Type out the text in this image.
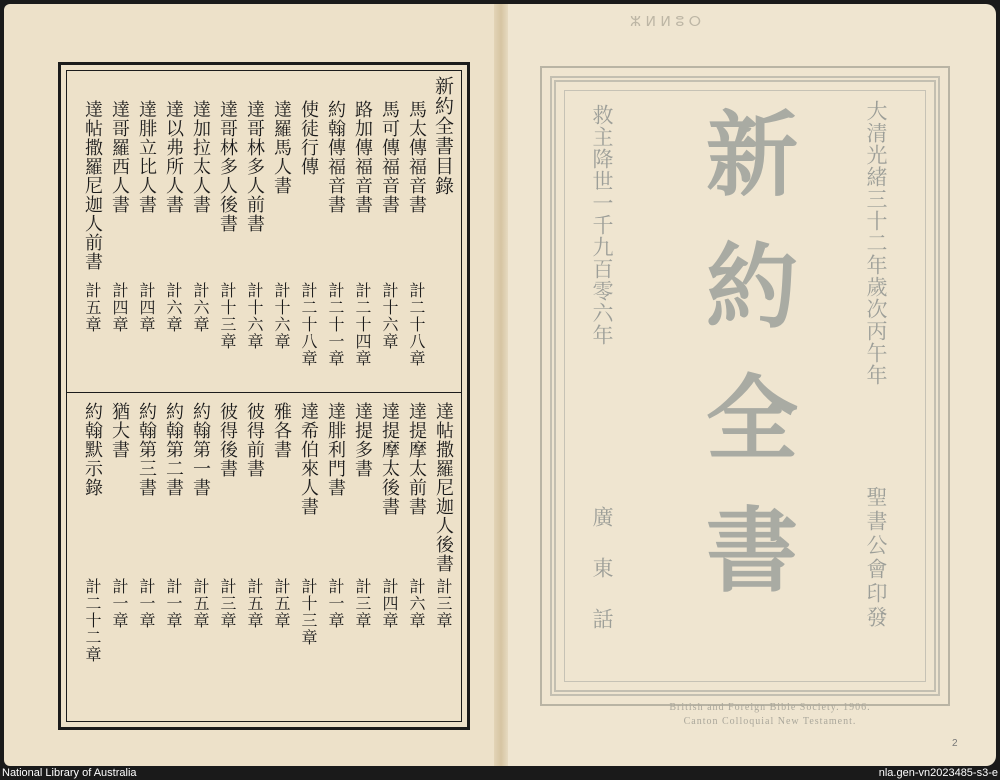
馬太傳福音書
計二十八章
馬可傳福音書
計十六章
路加傳福音書
計二十四章
約翰傳福音書
計二十一章
使徒行傳
計二十八章
達羅馬人書
計十六章
達哥林多人前書
計十六章
達哥林多人後書
計十三章
達加拉太人書
計六章
達以弗所人書
計六章
達腓立比人書
計四章
達哥羅西人書
計四章
達帖撒羅尼迦人前書
計五章
達帖撒羅尼迦人後書
計三章
達提摩太前書
計六章
達提摩太後書
計四章
達提多書
計三章
達腓利門書
計一章
達希伯來人書
計十三章
雅各書
計五章
彼得前書
計五章
彼得後書
計三章
約翰第一書
計五章
約翰第二書
計一章
約翰第三書
計一章
猶大書
計一章
約翰默示錄
計二十二章
新約全書目錄
ⵣ ⵍ ⵍ ⵓ ⵔ
大清光緒三十二年歲次丙午年
救主降世一千九百零六年 新約全書	聖書公會印發
廣東話
British and Foreign Bible Society. 1906.
Canton Colloquial New Testament.
2
National Library of Australia	nla.gen-vn2023485-s3-e
